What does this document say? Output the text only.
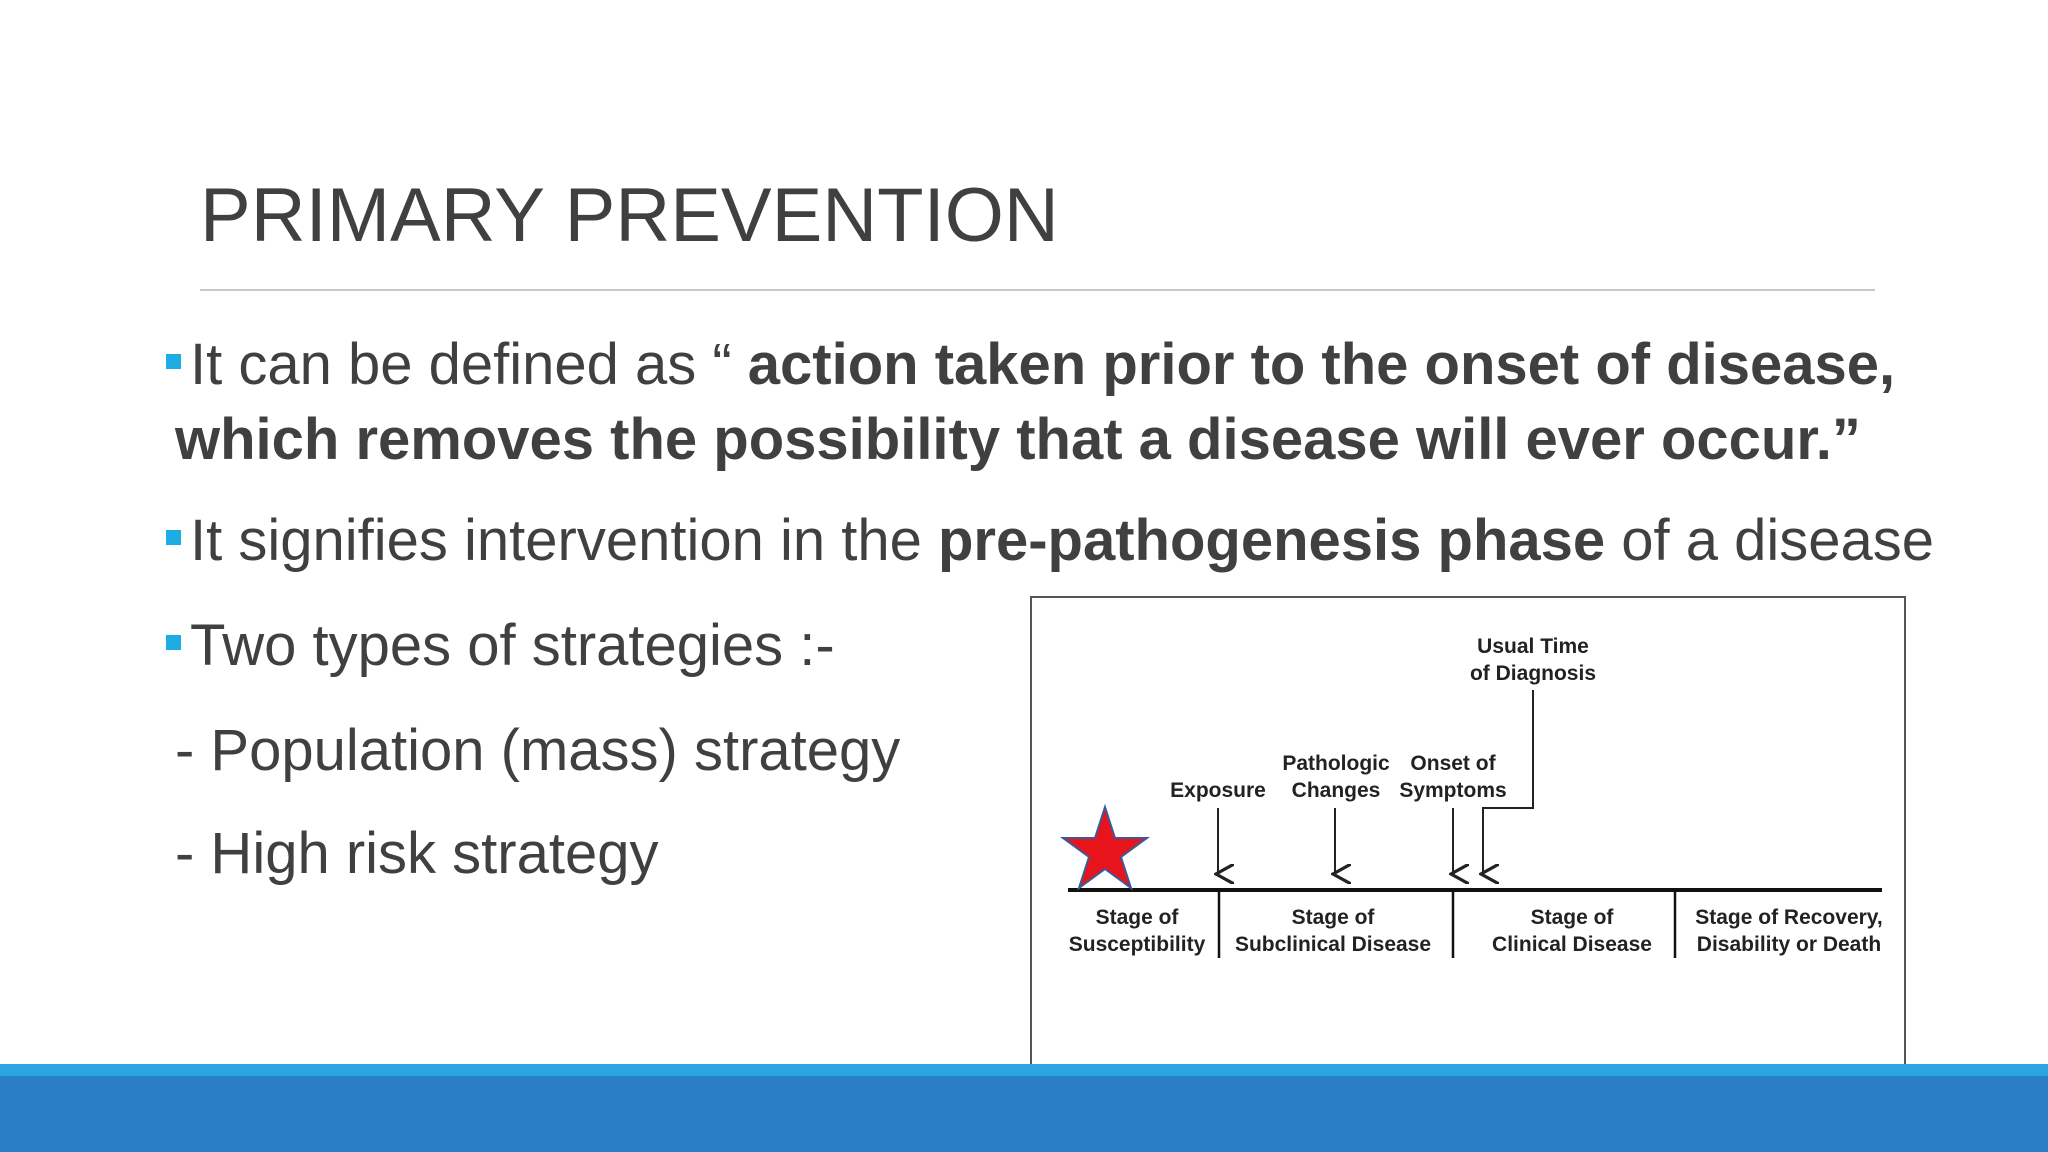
PRIMARY PREVENTION
It can be defined as “ action taken prior to the onset of disease,
which removes the possibility that a disease will ever occur.”
It signifies intervention in the pre-pathogenesis phase of a disease
Two types of strategies :-
- Population (mass) strategy
- High risk strategy
Exposure
Pathologic
Changes
Onset of
Symptoms
Usual Time
of Diagnosis
Stage of
Susceptibility
Stage of
Subclinical Disease
Stage of
Clinical Disease
Stage of Recovery,
Disability or Death
